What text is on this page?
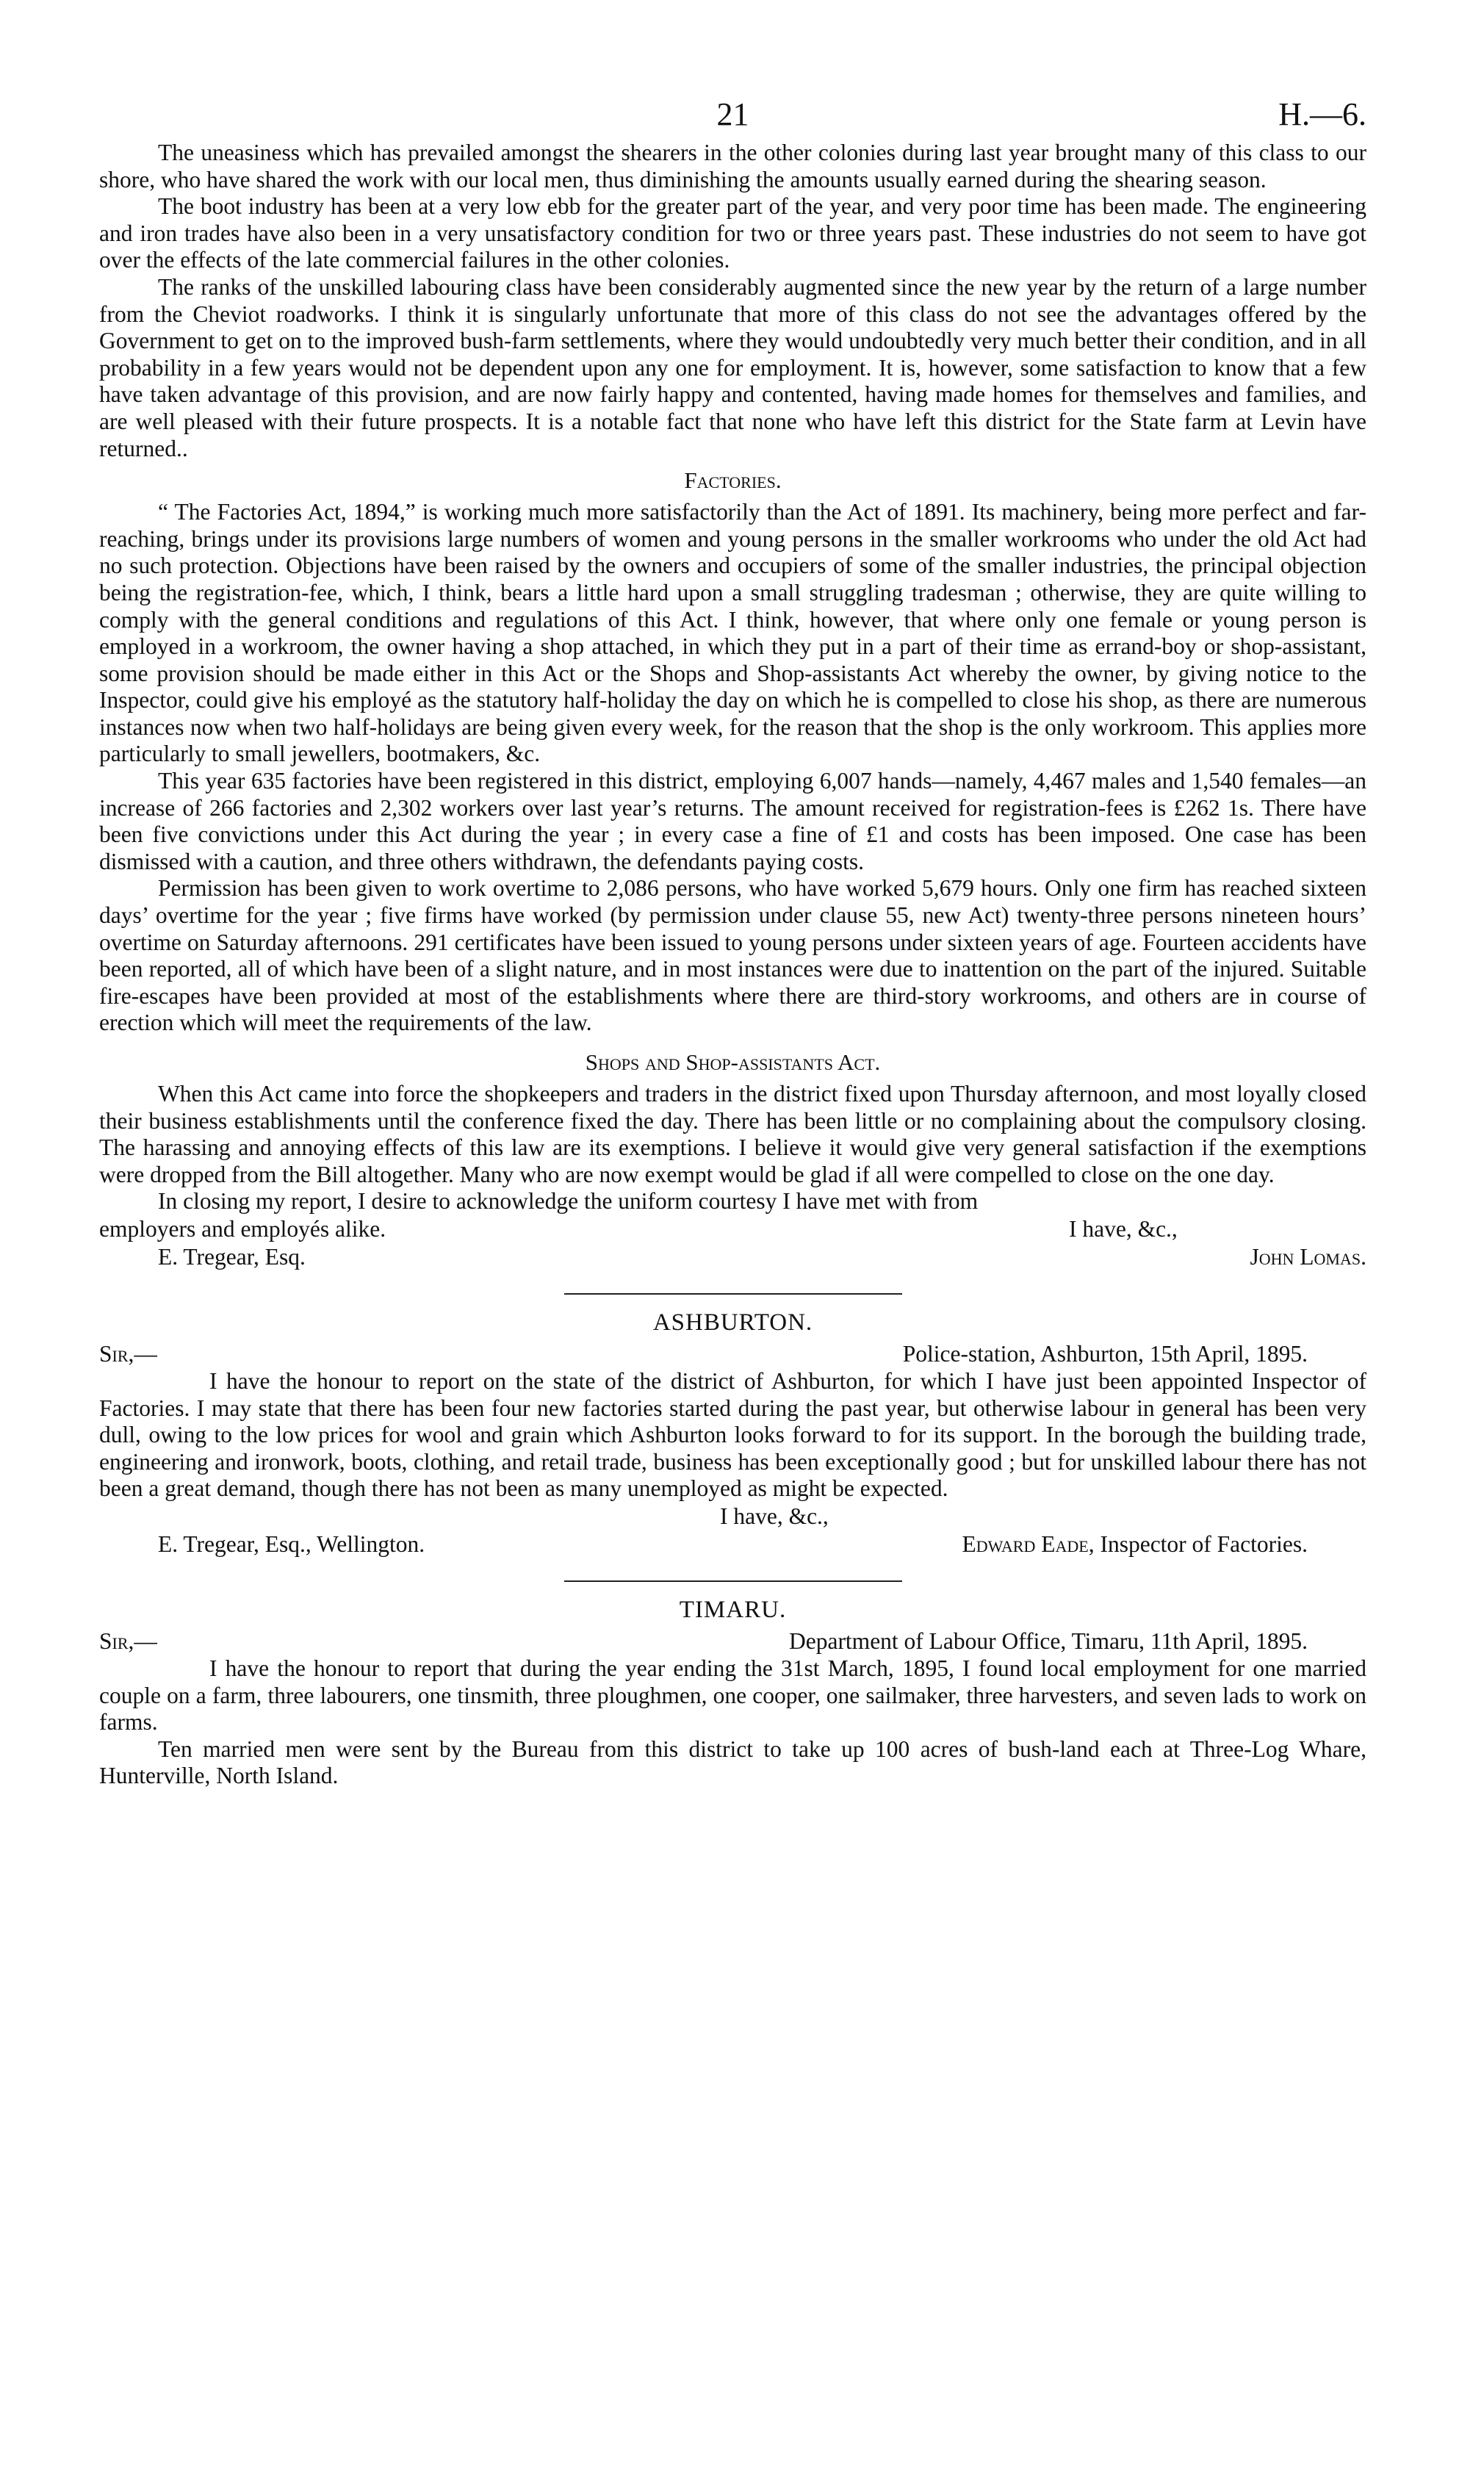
21	H.—6.

The uneasiness which has prevailed amongst the shearers in the other colonies during last year brought many of this class to our shore, who have shared the work with our local men, thus diminishing the amounts usually earned during the shearing season.

The boot industry has been at a very low ebb for the greater part of the year, and very poor time has been made. The engineering and iron trades have also been in a very unsatisfactory condition for two or three years past. These industries do not seem to have got over the effects of the late commercial failures in the other colonies.

The ranks of the unskilled labouring class have been considerably augmented since the new year by the return of a large number from the Cheviot roadworks. I think it is singularly unfortunate that more of this class do not see the advantages offered by the Government to get on to the improved bush-farm settlements, where they would undoubtedly very much better their condition, and in all probability in a few years would not be dependent upon any one for employment. It is, however, some satisfaction to know that a few have taken advantage of this provision, and are now fairly happy and contented, having made homes for themselves and families, and are well pleased with their future prospects. It is a notable fact that none who have left this district for the State farm at Levin have returned..

Factories.

“ The Factories Act, 1894,” is working much more satisfactorily than the Act of 1891. Its machinery, being more perfect and far-reaching, brings under its provisions large numbers of women and young persons in the smaller workrooms who under the old Act had no such protection. Objections have been raised by the owners and occupiers of some of the smaller industries, the principal objection being the registration-fee, which, I think, bears a little hard upon a small struggling tradesman ; otherwise, they are quite willing to comply with the general conditions and regulations of this Act. I think, however, that where only one female or young person is employed in a workroom, the owner having a shop attached, in which they put in a part of their time as errand-boy or shop-assistant, some provision should be made either in this Act or the Shops and Shop-assistants Act whereby the owner, by giving notice to the Inspector, could give his employé as the statutory half-holiday the day on which he is compelled to close his shop, as there are numerous instances now when two half-holidays are being given every week, for the reason that the shop is the only workroom. This applies more particularly to small jewellers, bootmakers, &c.

This year 635 factories have been registered in this district, employing 6,007 hands—namely, 4,467 males and 1,540 females—an increase of 266 factories and 2,302 workers over last year’s returns. The amount received for registration-fees is £262 1s. There have been five convictions under this Act during the year ; in every case a fine of £1 and costs has been imposed. One case has been dismissed with a caution, and three others withdrawn, the defendants paying costs.

Permission has been given to work overtime to 2,086 persons, who have worked 5,679 hours. Only one firm has reached sixteen days’ overtime for the year ; five firms have worked (by permission under clause 55, new Act) twenty-three persons nineteen hours’ overtime on Saturday afternoons. 291 certificates have been issued to young persons under sixteen years of age. Fourteen accidents have been reported, all of which have been of a slight nature, and in most instances were due to inattention on the part of the injured. Suitable fire-escapes have been provided at most of the establishments where there are third-story workrooms, and others are in course of erection which will meet the requirements of the law.

Shops and Shop-assistants Act.

When this Act came into force the shopkeepers and traders in the district fixed upon Thursday afternoon, and most loyally closed their business establishments until the conference fixed the day. There has been little or no complaining about the compulsory closing. The harassing and annoying effects of this law are its exemptions. I believe it would give very general satisfaction if the exemptions were dropped from the Bill altogether. Many who are now exempt would be glad if all were compelled to close on the one day.

In closing my report, I desire to acknowledge the uniform courtesy I have met with from

employers and employés alike.	I have, &c.,
E. Tregear, Esq.	John Lomas.
ASHBURTON.
Sir,—	Police-station, Ashburton, 15th April, 1895.

I have the honour to report on the state of the district of Ashburton, for which I have just been appointed Inspector of Factories. I may state that there has been four new factories started during the past year, but otherwise labour in general has been very dull, owing to the low prices for wool and grain which Ashburton looks forward to for its support. In the borough the building trade, engineering and ironwork, boots, clothing, and retail trade, business has been exceptionally good ; but for unskilled labour there has not been a great demand, though there has not been as many unemployed as might be expected.

I have, &c.,
E. Tregear, Esq., Wellington.	Edward Eade, Inspector of Factories.
TIMARU.
Sir,—	Department of Labour Office, Timaru, 11th April, 1895.

I have the honour to report that during the year ending the 31st March, 1895, I found local employment for one married couple on a farm, three labourers, one tinsmith, three ploughmen, one cooper, one sailmaker, three harvesters, and seven lads to work on farms.

Ten married men were sent by the Bureau from this district to take up 100 acres of bush-land each at Three-Log Whare, Hunterville, North Island.
